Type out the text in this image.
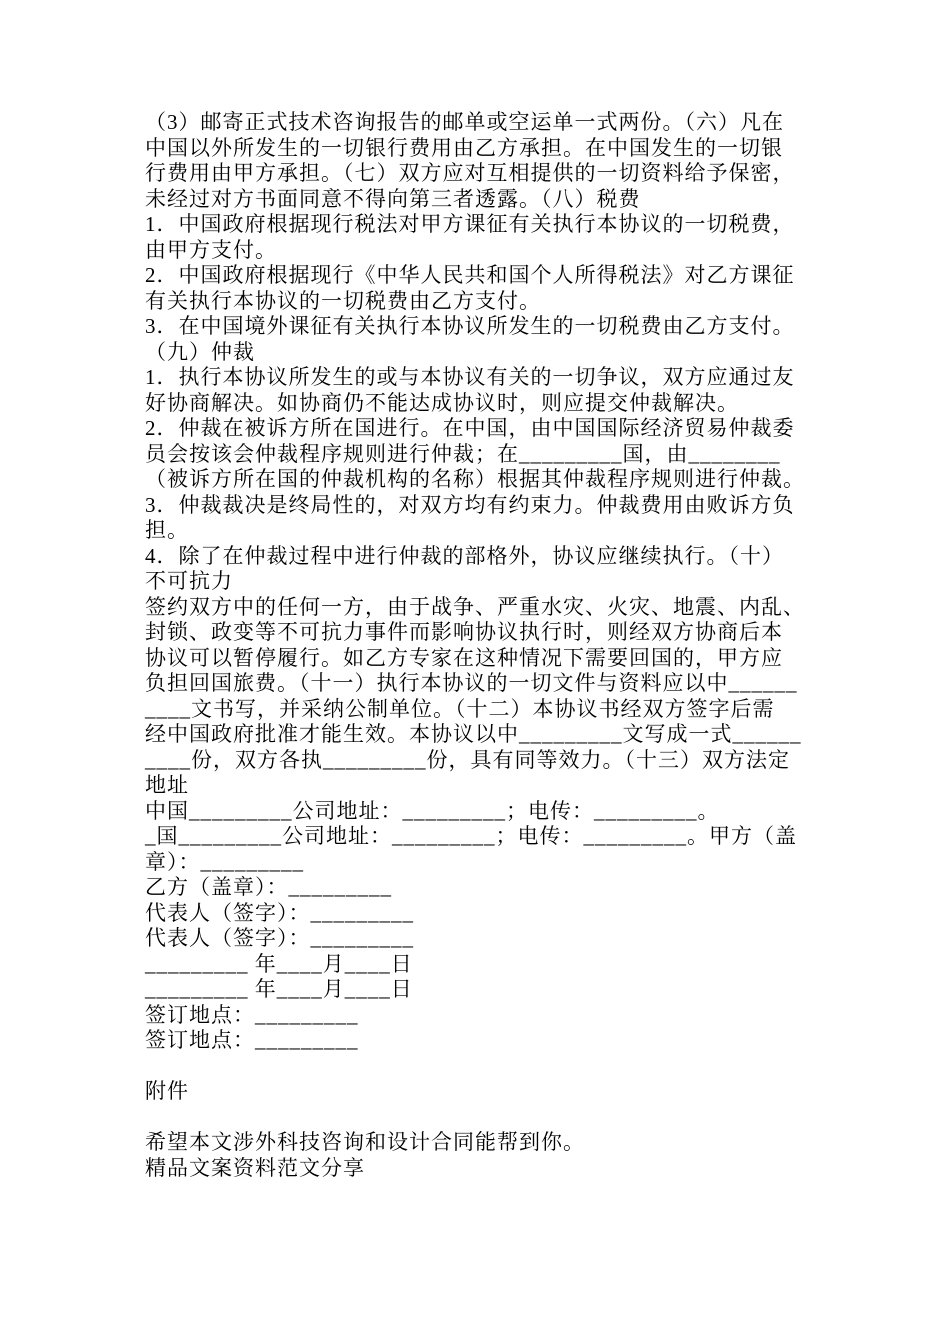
（3）邮寄正式技术咨询报告的邮单或空运单一式两份。（六）凡在
中国以外所发生的一切银行费用由乙方承担。在中国发生的一切银
行费用由甲方承担。（七）双方应对互相提供的一切资料给予保密，
未经过对方书面同意不得向第三者透露。（八）税费
1．中国政府根据现行税法对甲方课征有关执行本协议的一切税费，
由甲方支付。
2．中国政府根据现行《中华人民共和国个人所得税法》对乙方课征
有关执行本协议的一切税费由乙方支付。
3．在中国境外课征有关执行本协议所发生的一切税费由乙方支付。
（九）仲裁
1．执行本协议所发生的或与本协议有关的一切争议，双方应通过友
好协商解决。如协商仍不能达成协议时，则应提交仲裁解决。
2．仲裁在被诉方所在国进行。在中国，由中国国际经济贸易仲裁委
员会按该会仲裁程序规则进行仲裁；在_________国，由________
（被诉方所在国的仲裁机构的名称）根据其仲裁程序规则进行仲裁。
3．仲裁裁决是终局性的，对双方均有约束力。仲裁费用由败诉方负
担。
4．除了在仲裁过程中进行仲裁的部格外，协议应继续执行。（十）
不可抗力
签约双方中的任何一方，由于战争、严重水灾、火灾、地震、内乱、
封锁、政变等不可抗力事件而影响协议执行时，则经双方协商后本
协议可以暂停履行。如乙方专家在这种情况下需要回国的，甲方应
负担回国旅费。（十一）执行本协议的一切文件与资料应以中______
____文书写，并采纳公制单位。（十二）本协议书经双方签字后需
经中国政府批准才能生效。本协议以中_________文写成一式______
____份，双方各执_________份，具有同等效力。（十三）双方法定
地址
中国_________公司地址：_________；电传：_________。
_国_________公司地址：_________；电传：_________。甲方（盖
章）：_________
乙方（盖章）：_________
代表人（签字）：_________
代表人（签字）：_________
_________ 年____月____日
_________ 年____月____日
签订地点：_________
签订地点：_________
附件
希望本文涉外科技咨询和设计合同能帮到你。
精品文案资料范文分享
